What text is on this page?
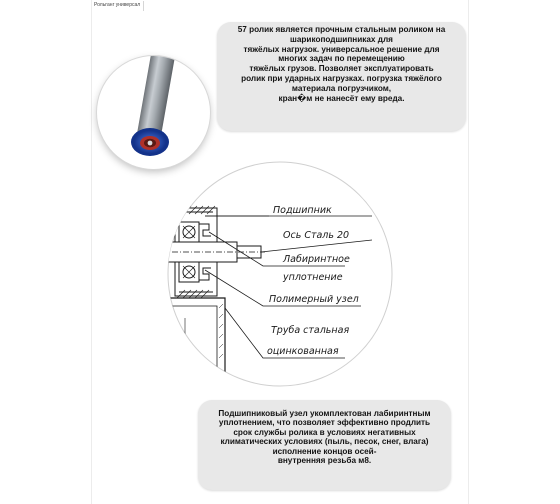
Рольганг универсал
57 ролик является прочным стальным роликом на
шарикоподшипниках для
тяжёлых нагрузок. универсальное решение для
многих задач по перемещению
тяжёлых грузов. Позволяет эксплуатировать
ролик при ударных нагрузках. погрузка тяжёлого
материала погрузчиком,
кран�м не нанесёт ему вреда.
Подшипник
Ось Сталь 20
Лабиринтное
уплотнение
Полимерный узел
Труба стальная
оцинкованная
Подшипниковый узел укомплектован лабиринтным
уплотнением, что позволяет эффективно продлить
срок службы ролика в условиях негативных
климатических условиях (пыль, песок, снег, влага)
исполнение концов осей-
внутренняя резьба м8.
